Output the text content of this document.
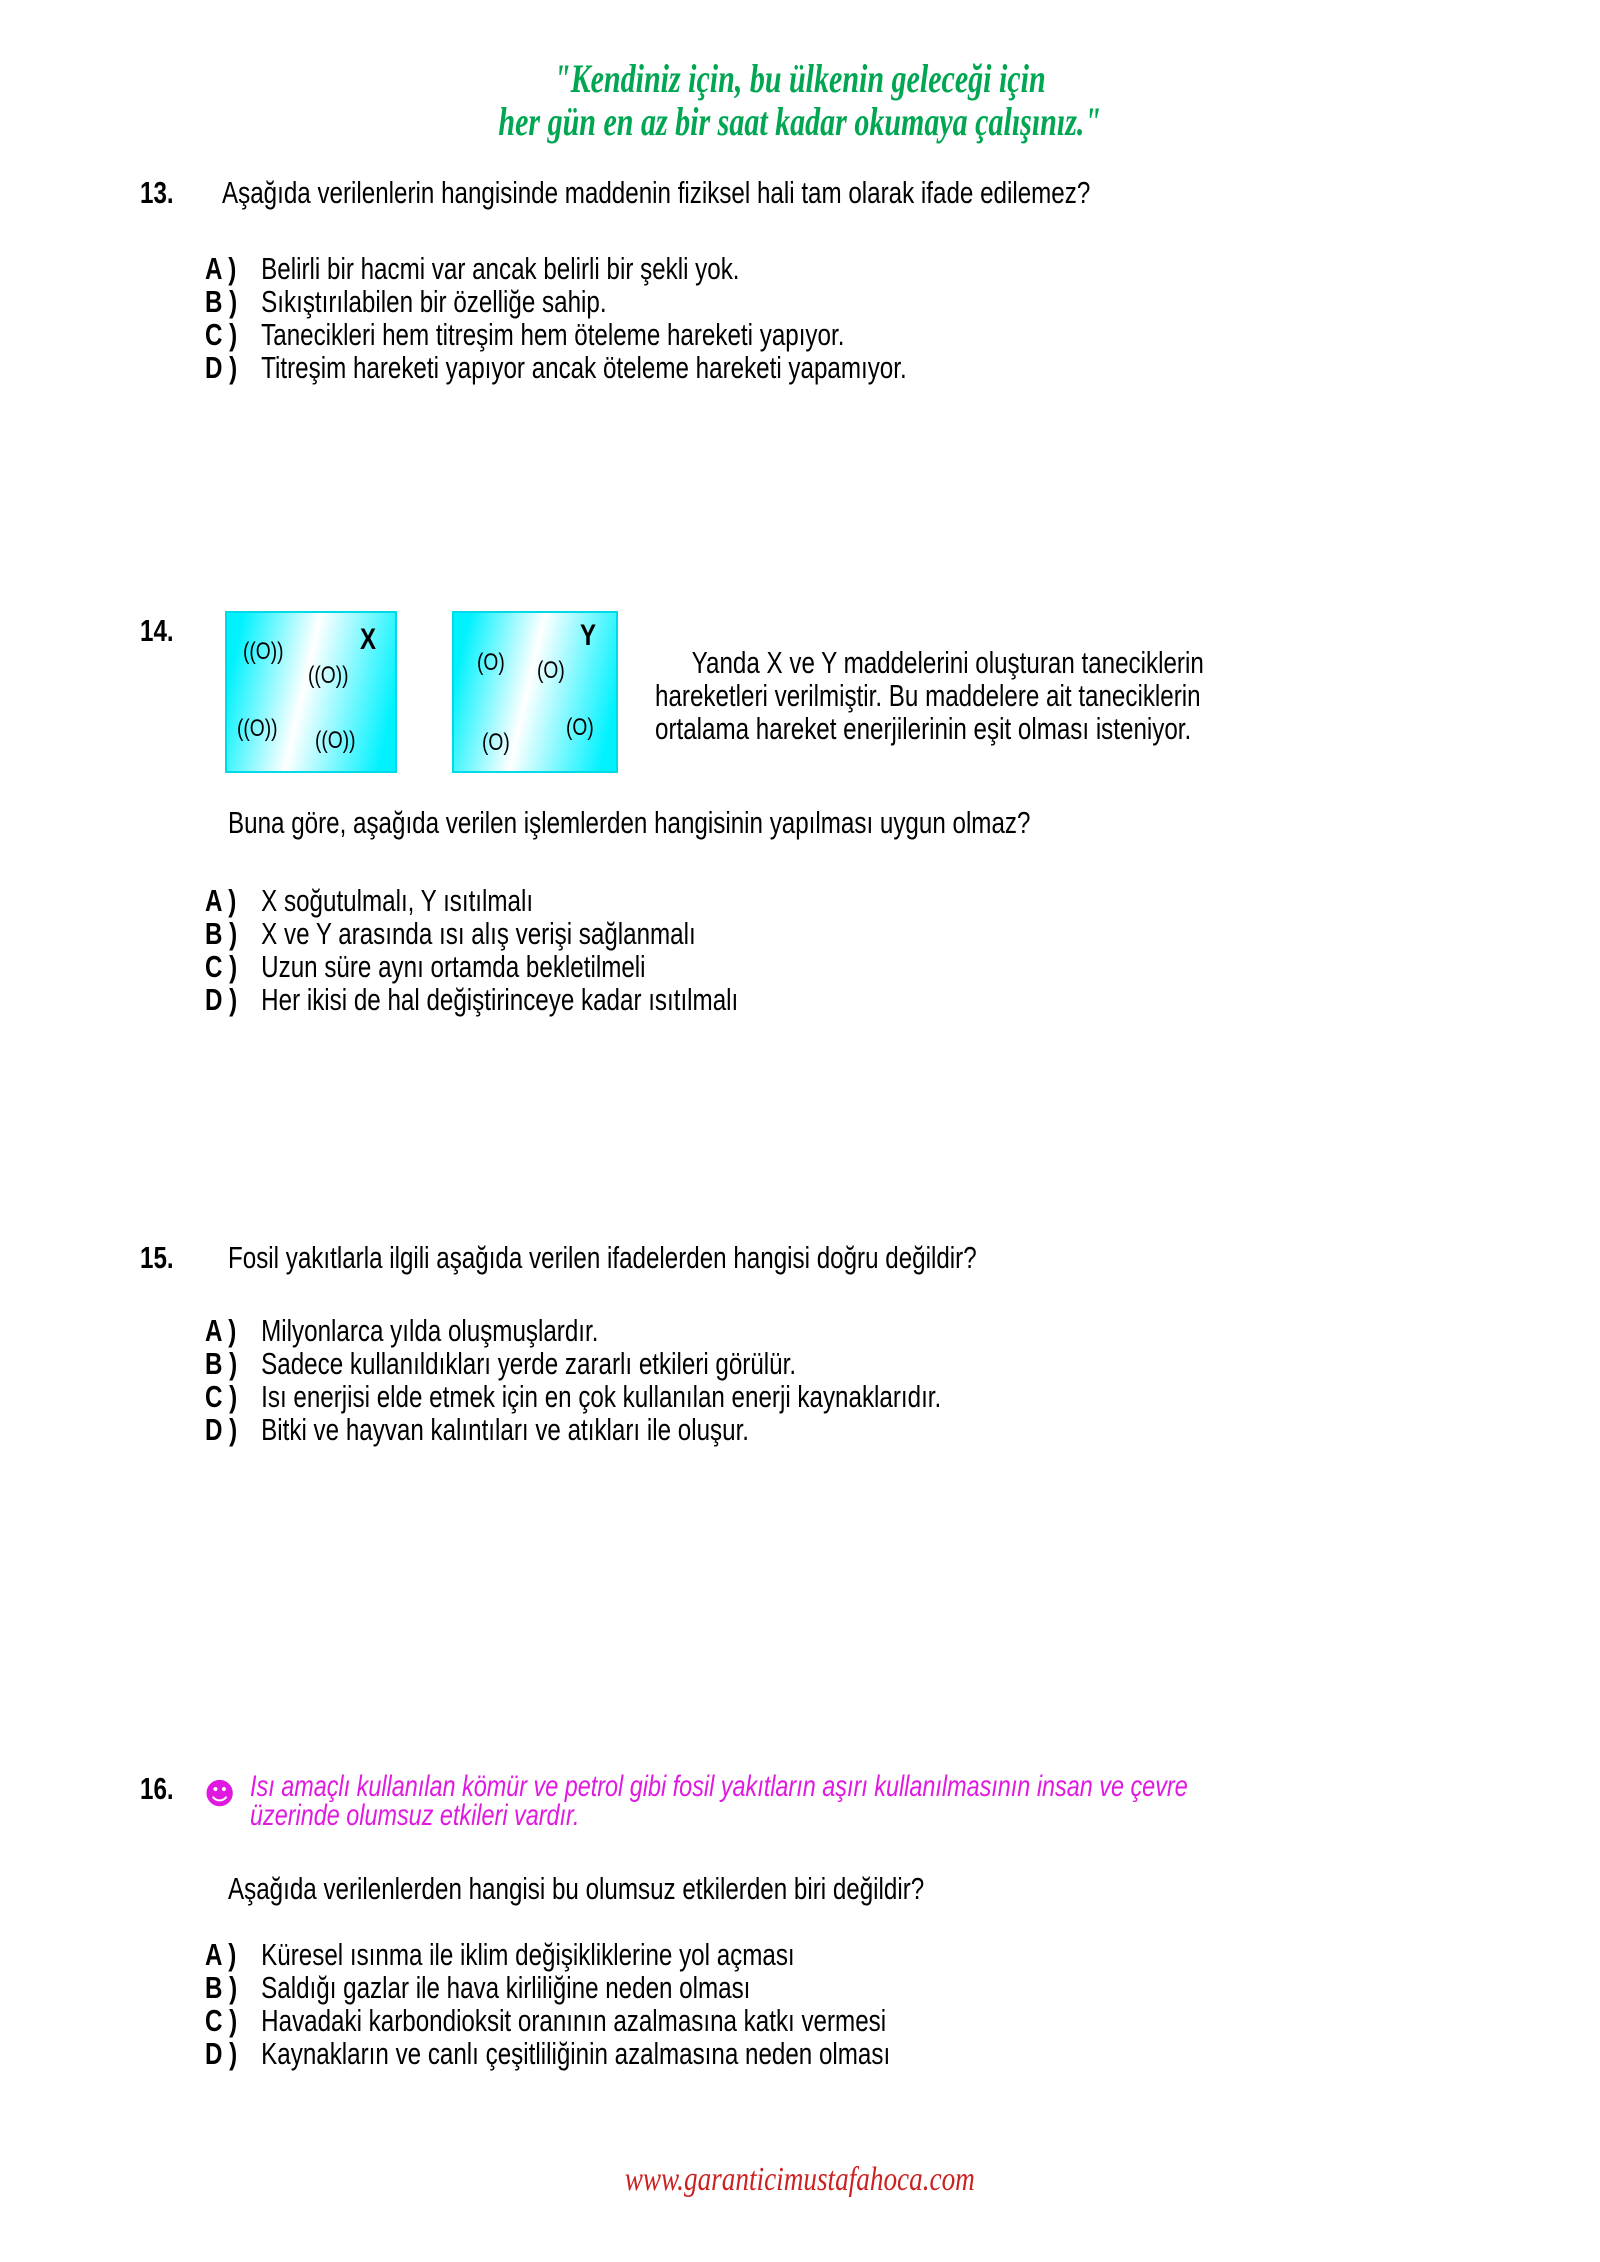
"Kendiniz için, bu ülkenin geleceği için
her gün en az bir saat kadar okumaya çalışınız."
13. Aşağıda verilenlerin hangisinde maddenin fiziksel hali tam olarak ifade edilemez?
A ) Belirli bir hacmi var ancak belirli bir şekli yok.
B ) Sıkıştırılabilen bir özelliğe sahip.
C ) Tanecikleri hem titreşim hem öteleme hareketi yapıyor.
D ) Titreşim hareketi yapıyor ancak öteleme hareketi yapamıyor.
14.	X
((O))
((O))
((O)) ((O))
Y
(O) (O)
(O)
(O)
Yanda X ve Y maddelerini oluşturan taneciklerin
hareketleri verilmiştir. Bu maddelere ait taneciklerin
ortalama hareket enerjilerinin eşit olması isteniyor.
Buna göre, aşağıda verilen işlemlerden hangisinin yapılması uygun olmaz?
A ) X soğutulmalı, Y ısıtılmalı
B ) X ve Y arasında ısı alış verişi sağlanmalı
C ) Uzun süre aynı ortamda bekletilmeli
D ) Her ikisi de hal değiştirinceye kadar ısıtılmalı
15. Fosil yakıtlarla ilgili aşağıda verilen ifadelerden hangisi doğru değildir?
A ) Milyonlarca yılda oluşmuşlardır.
B ) Sadece kullanıldıkları yerde zararlı etkileri görülür.
C ) Isı enerjisi elde etmek için en çok kullanılan enerji kaynaklarıdır.
D ) Bitki ve hayvan kalıntıları ve atıkları ile oluşur.
16. ☻ Isı amaçlı kullanılan kömür ve petrol gibi fosil yakıtların aşırı kullanılmasının insan ve çevre
üzerinde olumsuz etkileri vardır.
Aşağıda verilenlerden hangisi bu olumsuz etkilerden biri değildir?
A ) Küresel ısınma ile iklim değişikliklerine yol açması
B ) Saldığı gazlar ile hava kirliliğine neden olması
C ) Havadaki karbondioksit oranının azalmasına katkı vermesi
D ) Kaynakların ve canlı çeşitliliğinin azalmasına neden olması
www.garanticimustafahoca.com
